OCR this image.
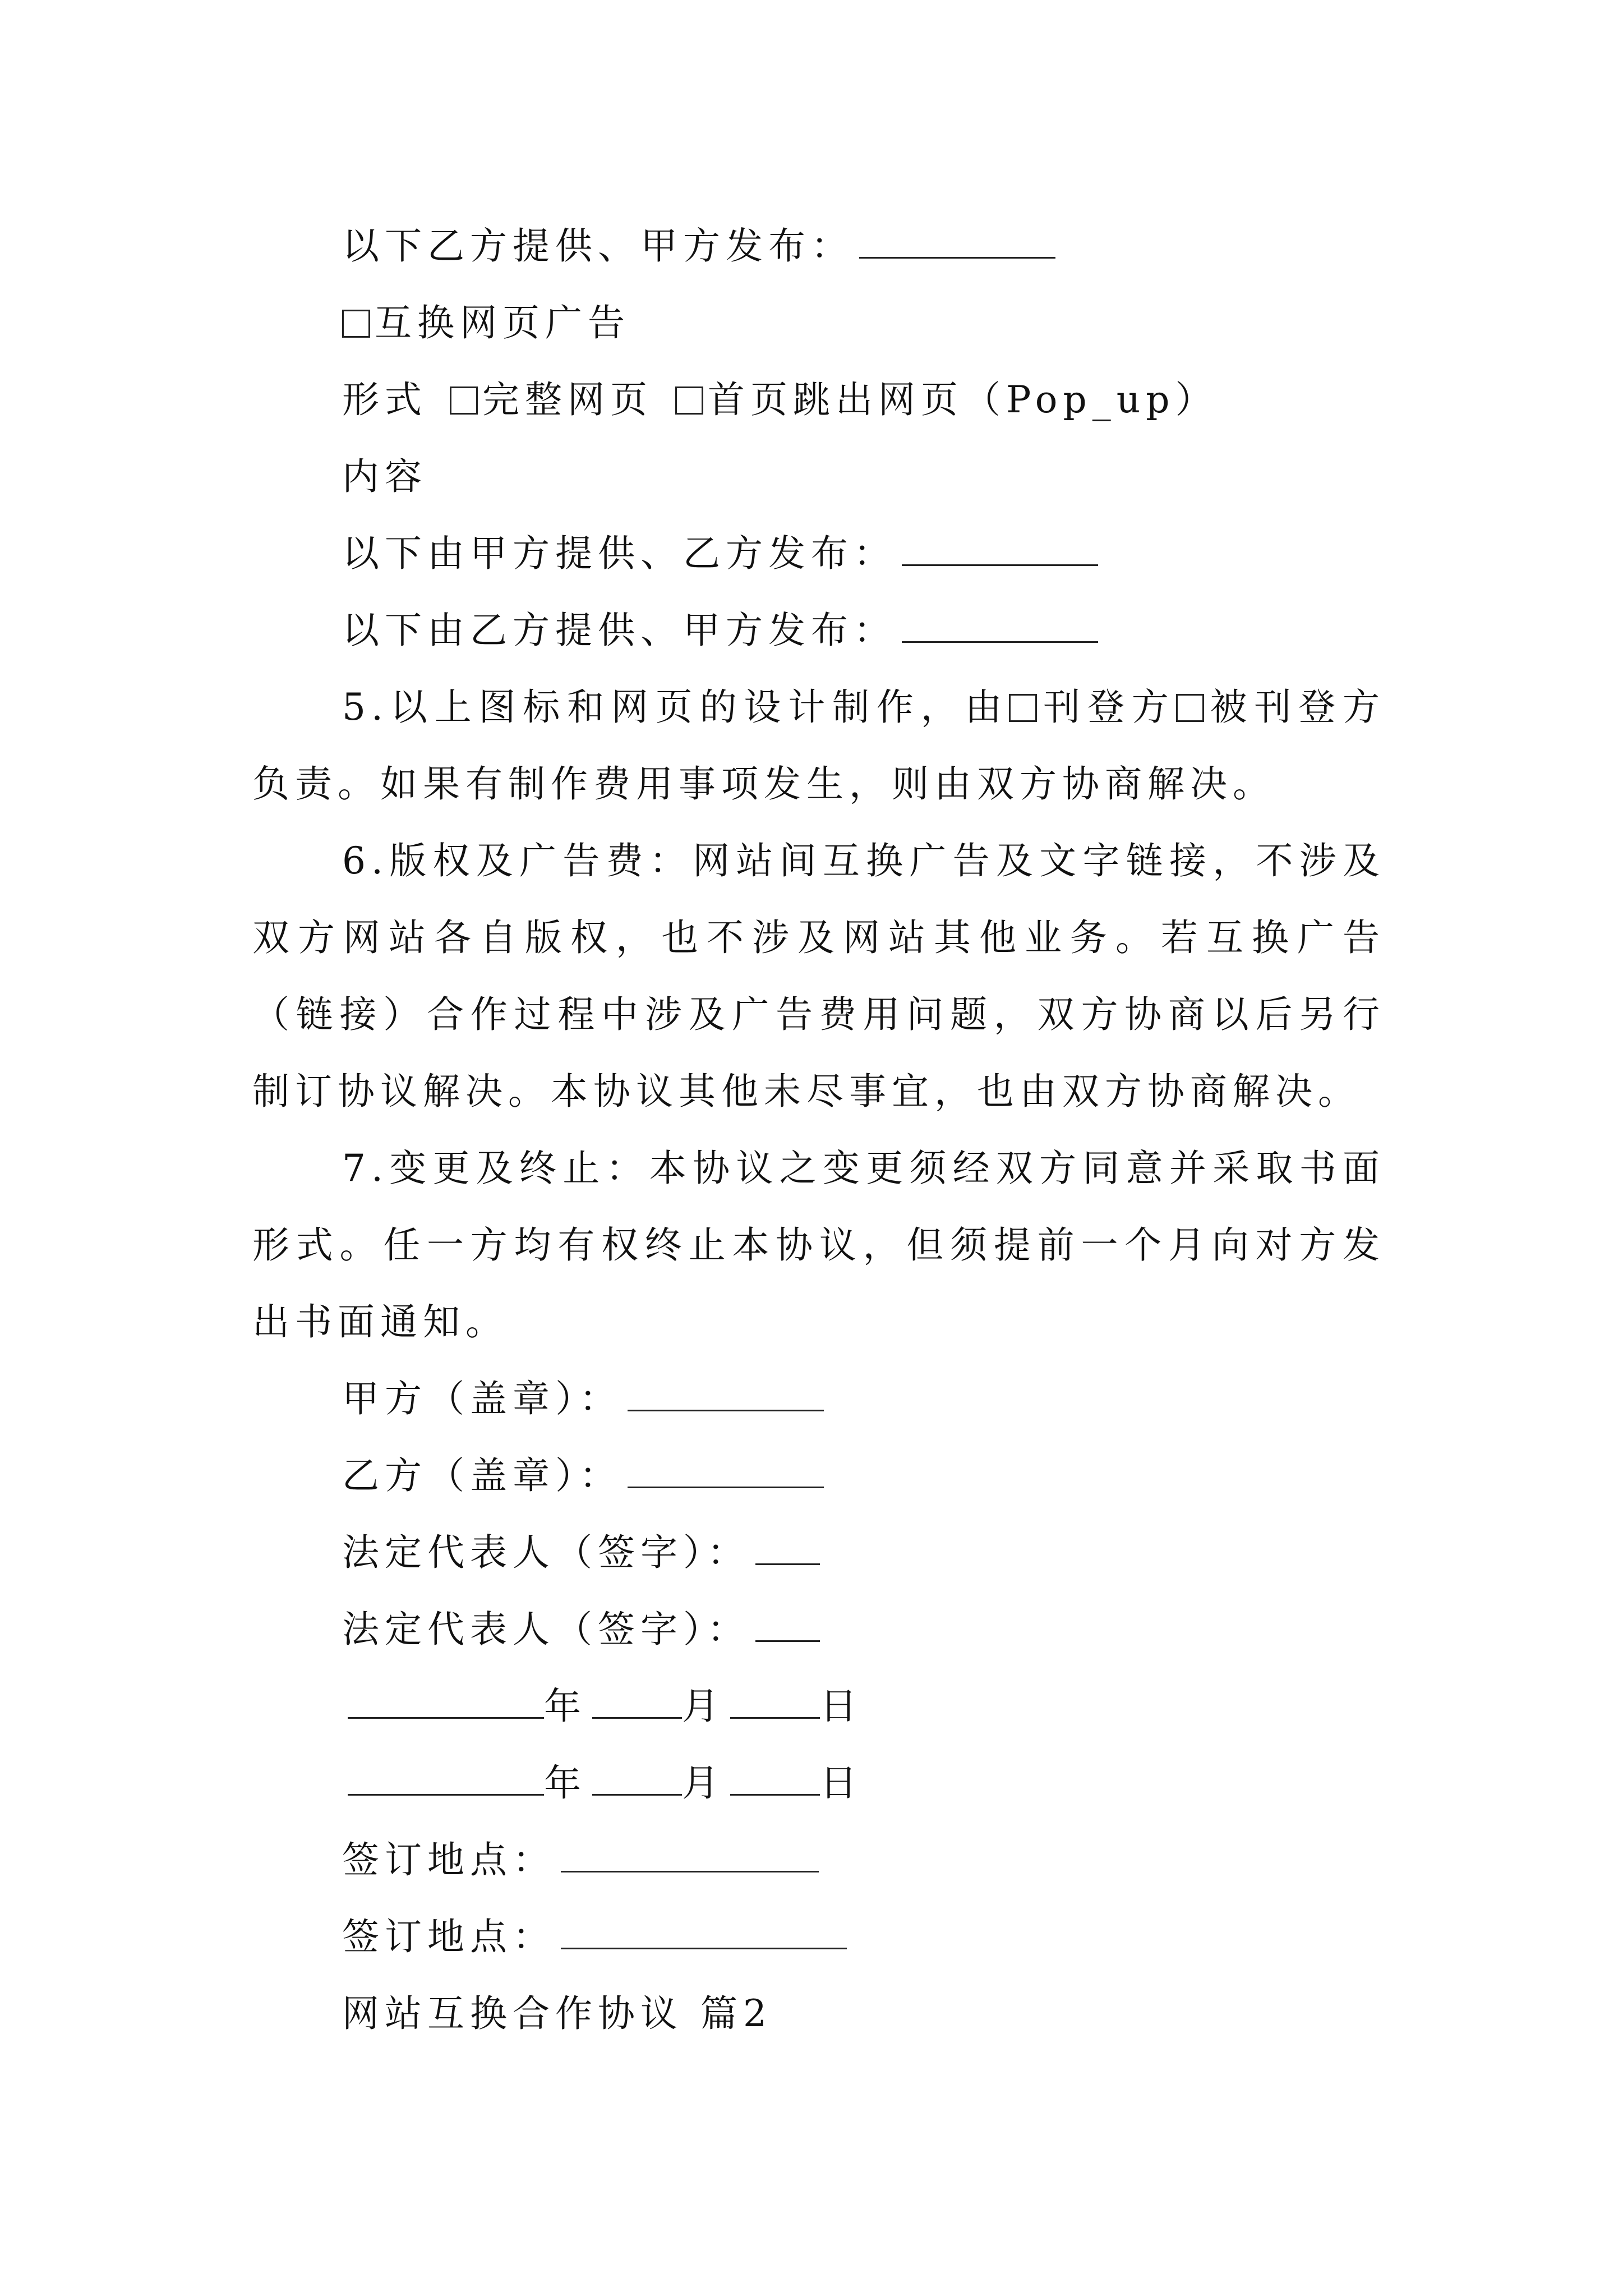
以下乙方提供、甲方发布：
互换网页广告
形式 完整网页 首页跳出网页（Pop_up）
内容
以下由甲方提供、乙方发布：
以下由乙方提供、甲方发布：
5.以上图标和网页的设计制作，由 刊登方 被刊登方负责。如果有制作费用事项发生，则由双方协商解决。
6.版权及广告费：网站间互换广告及文字链接，不涉及双方网站各自版权，也不涉及网站其他业务。若互换广告（链接）合作过程中涉及广告费用问题，双方协商以后另行制订协议解决。本协议其他未尽事宜，也由双方协商解决。
7.变更及终止：本协议之变更须经双方同意并采取书面形式。任一方均有权终止本协议，但须提前一个月向对方发出书面通知。
甲方（盖章）：
乙方（盖章）：
法定代表人（签字）：
法定代表人（签字）：
年	月	日
年	月	日
签订地点：
签订地点：
网站互换合作协议 篇2
